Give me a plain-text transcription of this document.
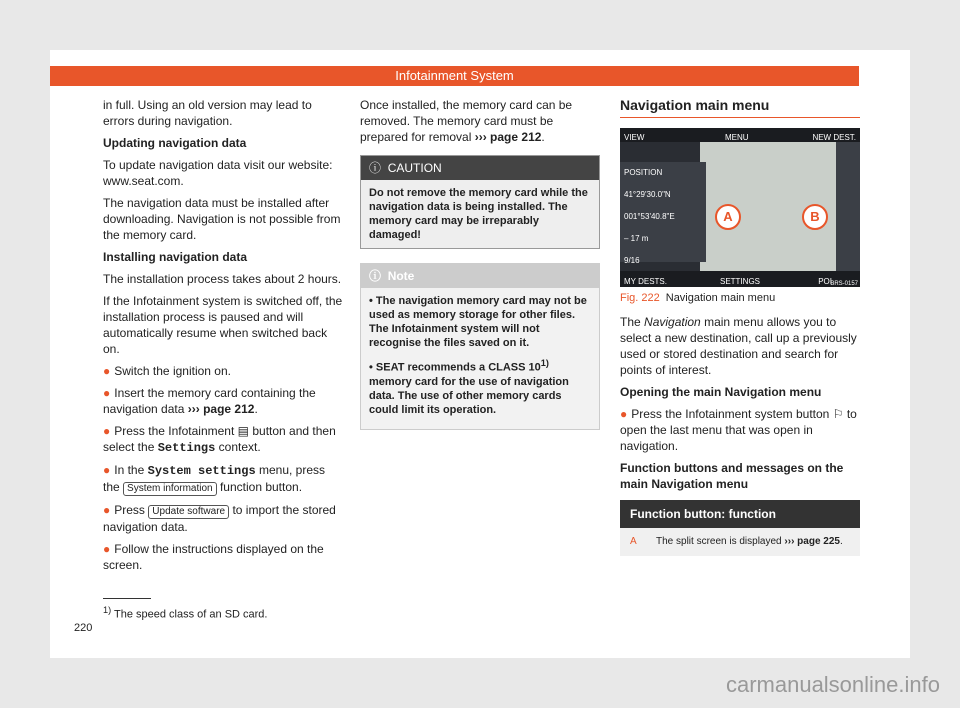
Infotainment System

in full. Using an old version may lead to errors during navigation.

Updating navigation data

To update navigation data visit our website: www.seat.com.

The navigation data must be installed after downloading. Navigation is not possible from the memory card.

Installing navigation data

The installation process takes about 2 hours.

If the Infotainment system is switched off, the installation process is paused and will automatically resume when switched back on.

● Switch the ignition on.

● Insert the memory card containing the navigation data ››› page 212.

● Press the Infotainment ▤ button and then select the Settings context.

● In the System settings menu, press the System information function button.

● Press Update software to import the stored navigation data.

● Follow the instructions displayed on the screen.

Once installed, the memory card can be removed. The memory card must be prepared for removal ››› page 212.

ⓘ CAUTION
Do not remove the memory card while the navigation data is being installed. The memory card may be irreparably damaged!
ⓘ Note

• The navigation memory card may not be used as memory storage for other files. The Infotainment system will not recognise the files saved on it.

• SEAT recommends a CLASS 10$^{1)}$ memory card for the use of navigation data. The use of other memory cards could limit its operation.

Navigation main menu
VIEW	MENU	NEW DEST.
POSITION
41°29'30.0"N
001°53'40.8"E
– 17 m
9/16
A	B
MY DESTS.	SETTINGS	POI
BRS-0157
Fig. 222 Navigation main menu

The Navigation main menu allows you to select a new destination, call up a previously used or stored destination and search for points of interest.

Opening the main Navigation menu

● Press the Infotainment system button ⚐ to open the last menu that was open in navigation.

Function buttons and messages on the main Navigation menu

Function button: function
A	The split screen is displayed ››› page 225.
$^{1)}$ The speed class of an SD card.
220
carmanualsonline.info
